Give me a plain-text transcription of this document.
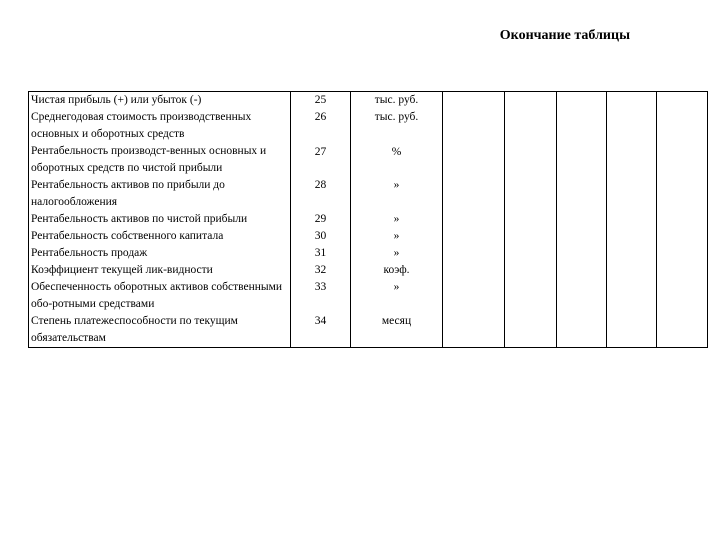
Окончание таблицы
Чистая прибыль (+) или убыток (-)	25	тыс. руб.					
Среднегодовая стоимость производственных основных и оборотных средств	26	тыс. руб.					
Рентабельность производст-венных основных и оборотных средств по чистой прибыли	27	%					
Рентабельность активов по прибыли до налогообложения	28	»					
Рентабельность активов по чистой прибыли	29	»					
Рентабельность собственного капитала	30	»					
Рентабельность продаж	31	»					
Коэффициент текущей лик-видности	32	коэф.					
Обеспеченность оборотных активов собственными обо-ротными средствами	33	»					
Степень платежеспособности по текущим обязательствам	34	месяц					
